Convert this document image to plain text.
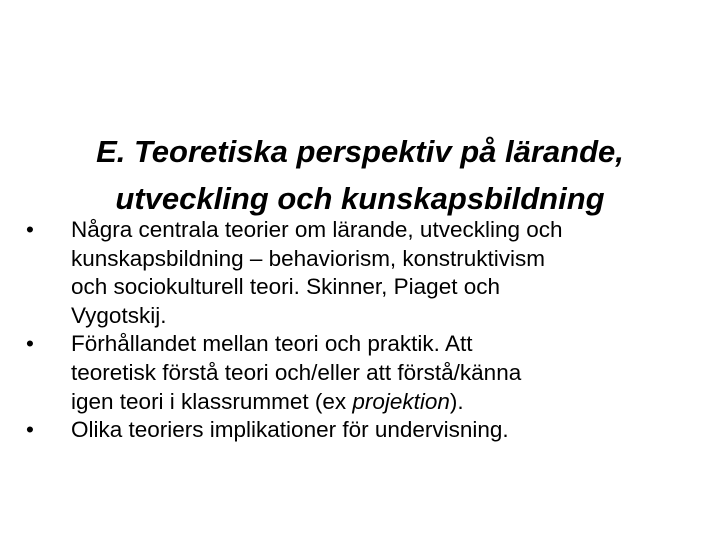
E. Teoretiska perspektiv på lärande,
utveckling och kunskapsbildning
•	Några centrala teorier om lärande, utveckling och
kunskapsbildning – behaviorism, konstruktivism
och sociokulturell teori. Skinner, Piaget och
Vygotskij.
•	Förhållandet mellan teori och praktik. Att
teoretisk förstå teori och/eller att förstå/känna
igen teori i klassrummet (ex projektion).
•	Olika teoriers implikationer för undervisning.
